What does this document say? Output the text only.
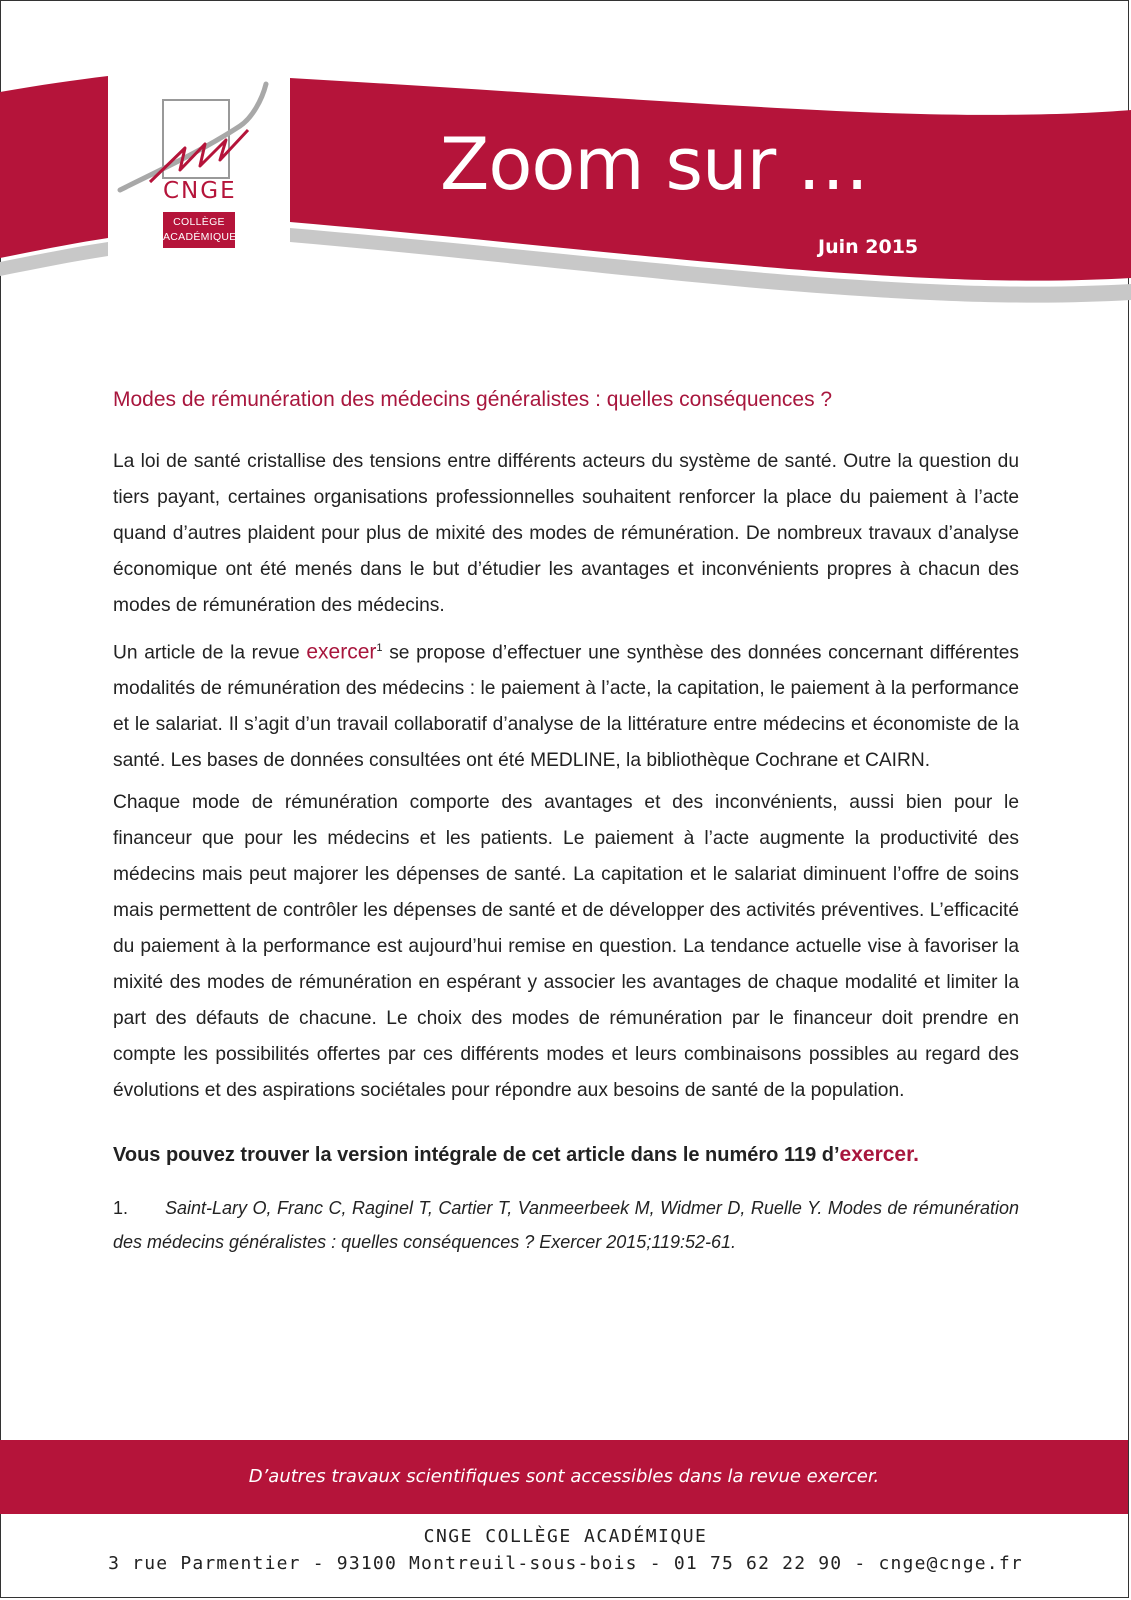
CNGE
COLLÈGE
ACADÉMIQUE
Zoom sur …
Juin 2015
Modes de rémunération des médecins généralistes : quelles conséquences ?

La loi de santé cristallise des tensions entre différents acteurs du système de santé. Outre la question du tiers payant, certaines organisations professionnelles souhaitent renforcer la place du paiement à l’acte quand d’autres plaident pour plus de mixité des modes de rémunération. De nombreux travaux d’analyse économique ont été menés dans le but d’étudier les avantages et inconvénients propres à chacun des modes de rémunération des médecins.

Un article de la revue exercer$^1$ se propose d’effectuer une synthèse des données concernant différentes modalités de rémunération des médecins : le paiement à l’acte, la capitation, le paiement à la performance et le salariat. Il s’agit d’un travail collaboratif d’analyse de la littérature entre médecins et économiste de la santé. Les bases de données consultées ont été MEDLINE, la bibliothèque Cochrane et CAIRN.

Chaque mode de rémunération comporte des avantages et des inconvénients, aussi bien pour le financeur que pour les médecins et les patients. Le paiement à l’acte augmente la productivité des médecins mais peut majorer les dépenses de santé. La capitation et le salariat diminuent l’offre de soins mais permettent de contrôler les dépenses de santé et de développer des activités préventives. L’efficacité du paiement à la performance est aujourd’hui remise en question. La tendance actuelle vise à favoriser la mixité des modes de rémunération en espérant y associer les avantages de chaque modalité et limiter la part des défauts de chacune. Le choix des modes de rémunération par le financeur doit prendre en compte les possibilités offertes par ces différents modes et leurs combinaisons possibles au regard des évolutions et des aspirations sociétales pour répondre aux besoins de santé de la population.

Vous pouvez trouver la version intégrale de cet article dans le numéro 119 d’exercer.

1. Saint-Lary O, Franc C, Raginel T, Cartier T, Vanmeerbeek M, Widmer D, Ruelle Y. Modes de rémunération des médecins généralistes : quelles conséquences ? Exercer 2015;119:52-61.

D’autres travaux scientifiques sont accessibles dans la revue exercer.
CNGE COLLÈGE ACADÉMIQUE
3 rue Parmentier - 93100 Montreuil-sous-bois - 01 75 62 22 90 - cnge@cnge.fr
